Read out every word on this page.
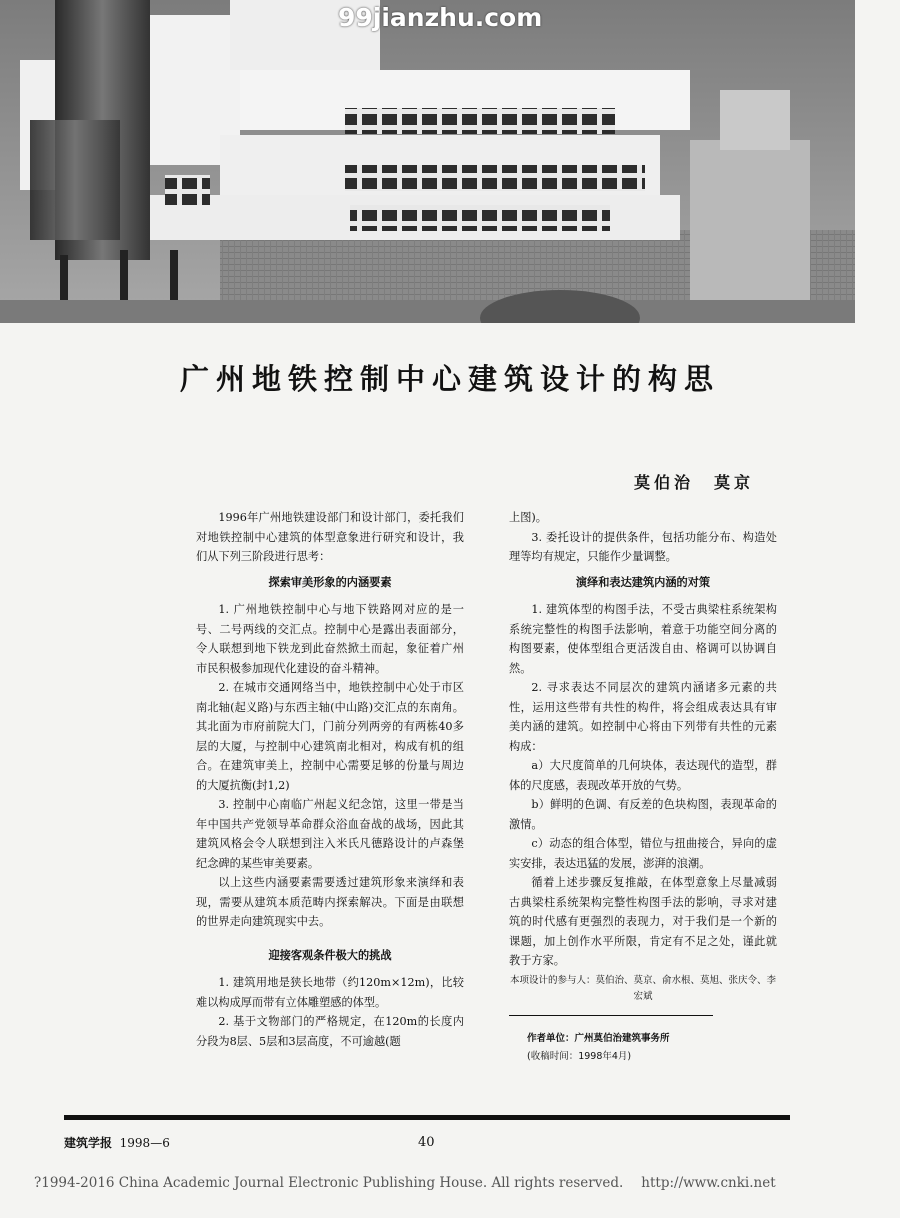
99jianzhu.com
广州地铁控制中心建筑设计的构思
莫伯治　莫京

1996年广州地铁建设部门和设计部门，委托我们对地铁控制中心建筑的体型意象进行研究和设计，我们从下列三阶段进行思考：

探索审美形象的内涵要素

1. 广州地铁控制中心与地下铁路网对应的是一号、二号两线的交汇点。控制中心是露出表面部分，令人联想到地下铁龙到此奋然掀土而起，象征着广州市民积极参加现代化建设的奋斗精神。

2. 在城市交通网络当中，地铁控制中心处于市区南北轴(起义路)与东西主轴(中山路)交汇点的东南角。其北面为市府前院大门，门前分列两旁的有两栋40多层的大厦，与控制中心建筑南北相对，构成有机的组合。在建筑审美上，控制中心需要足够的份量与周边的大厦抗衡(封1,2)

3. 控制中心南临广州起义纪念馆，这里一带是当年中国共产党领导革命群众浴血奋战的战场，因此其建筑风格会令人联想到注入米氏凡德路设计的卢森堡纪念碑的某些审美要素。

以上这些内涵要素需要透过建筑形象来演绎和表现，需要从建筑本质范畴内探索解决。下面是由联想的世界走向建筑现实中去。

迎接客观条件极大的挑战

1. 建筑用地是狭长地带（约120m×12m)，比较难以构成厚而带有立体雕塑感的体型。

2. 基于文物部门的严格规定，在120m的长度内分段为8层、5层和3层高度，不可逾越(题

上图)。

3. 委托设计的提供条件，包括功能分布、构造处理等均有规定，只能作少量调整。

演绎和表达建筑内涵的对策

1. 建筑体型的构图手法，不受古典梁柱系统架构系统完整性的构图手法影响，着意于功能空间分离的构图要素，使体型组合更活泼自由、格调可以协调自然。

2. 寻求表达不同层次的建筑内涵诸多元素的共性，运用这些带有共性的构件，将会组成表达具有审美内涵的建筑。如控制中心将由下列带有共性的元素构成：

a）大尺度简单的几何块体，表达现代的造型，群体的尺度感，表现改革开放的气势。

b）鲜明的色调、有反差的色块构图，表现革命的激情。

c）动态的组合体型，错位与扭曲接合，异向的虚实安排，表达迅猛的发展，澎湃的浪潮。

循着上述步骤反复推敲，在体型意象上尽量减弱古典梁柱系统架构完整性构图手法的影响，寻求对建筑的时代感有更强烈的表现力，对于我们是一个新的课题，加上创作水平所限，肯定有不足之处，谨此就教于方家。

本项设计的参与人：莫伯治、莫京、俞水根、莫旭、张庆令、李宏斌
作者单位：广州莫伯治建筑事务所
(收稿时间：1998年4月)
建筑学报 1998—6	40
?1994-2016 China Academic Journal Electronic Publishing House. All rights reserved. http://www.cnki.net
